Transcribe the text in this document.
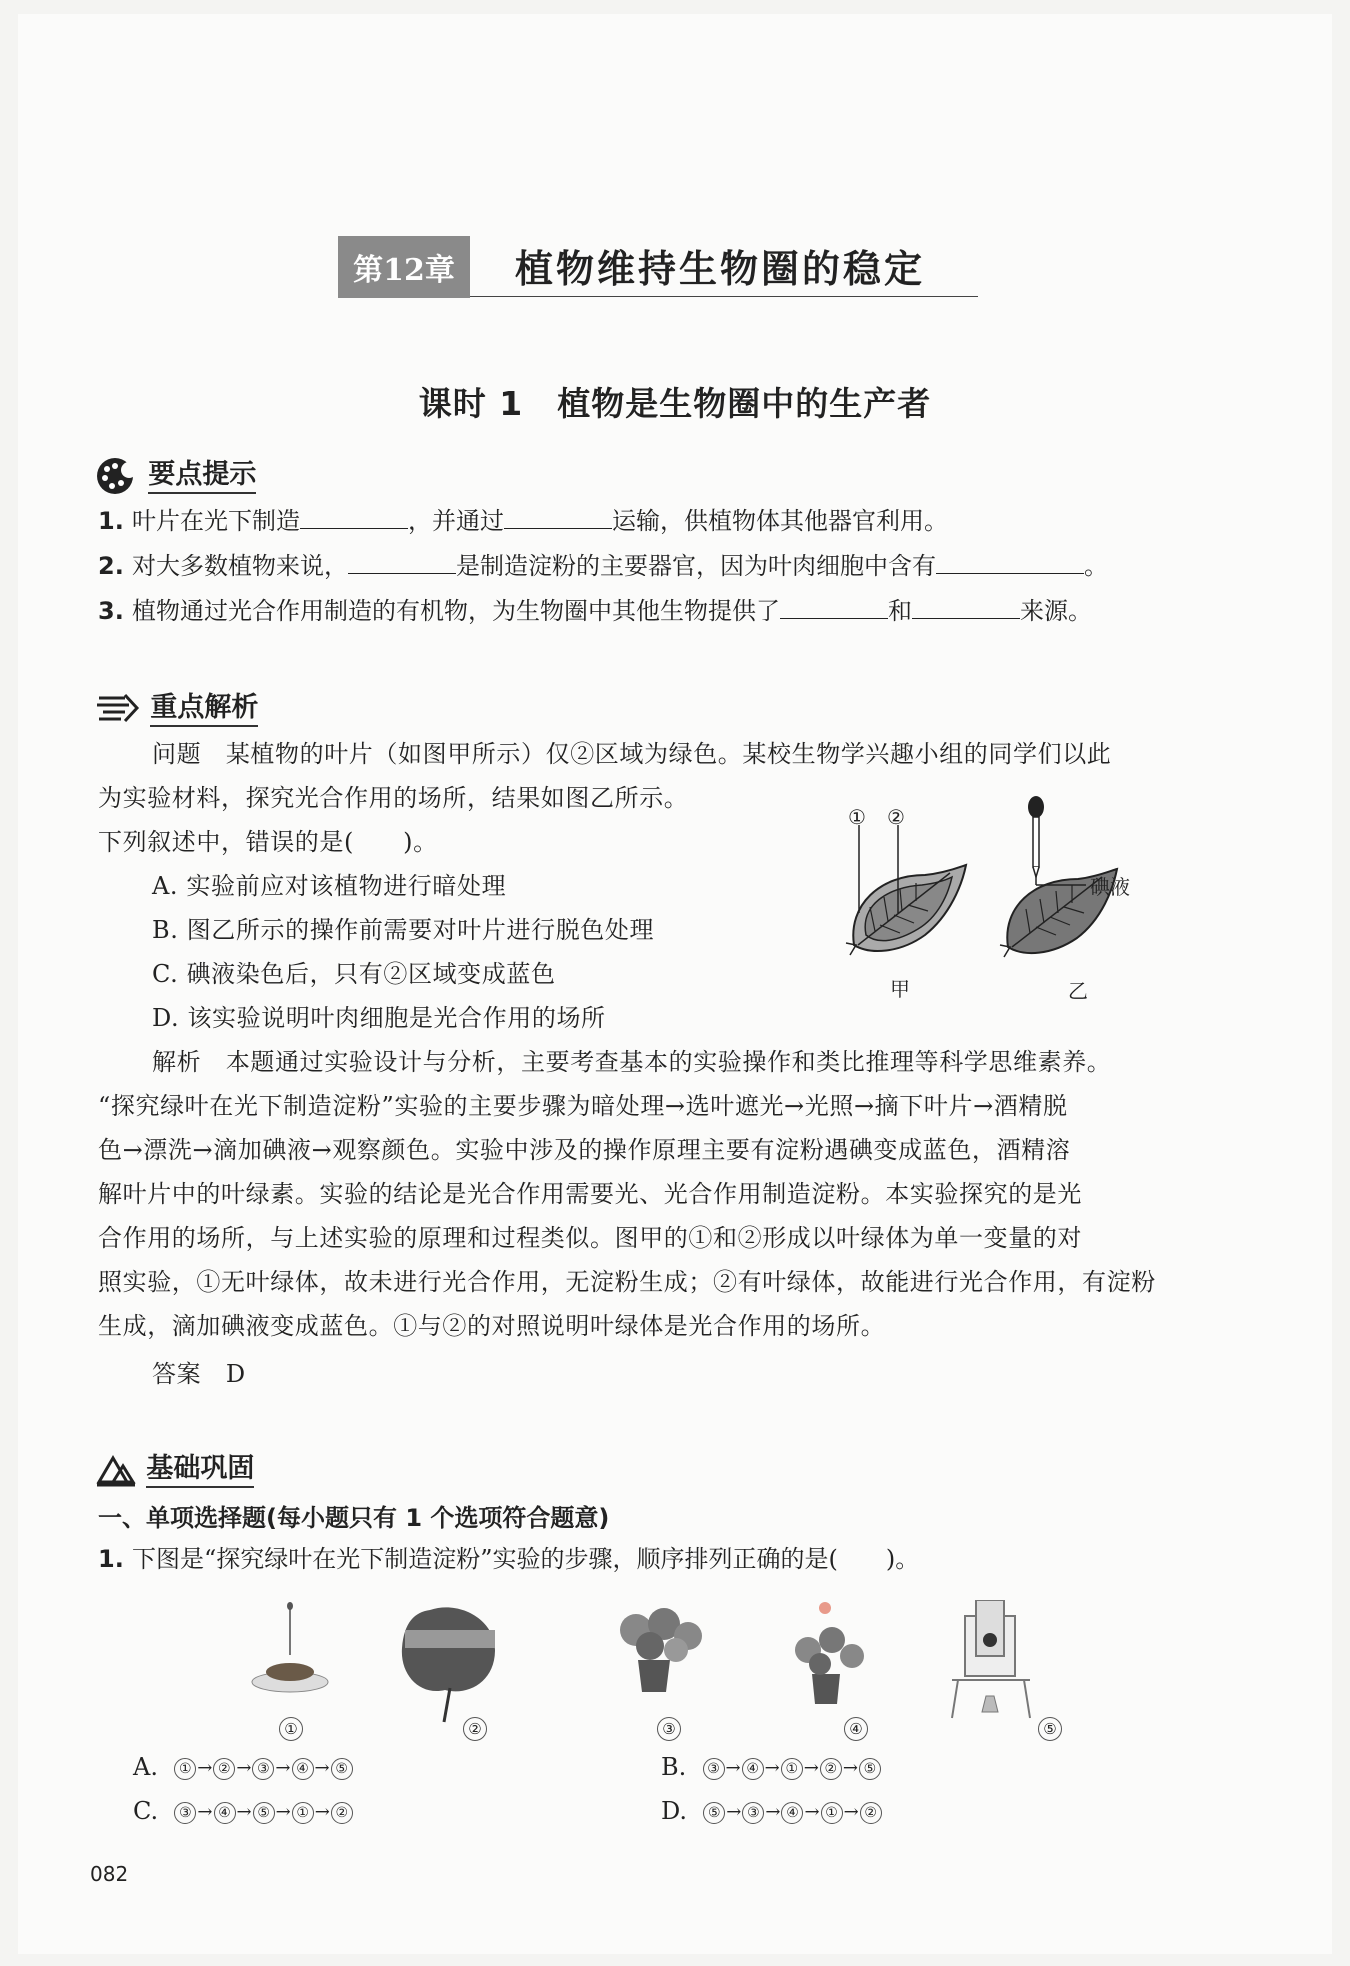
第12章	植物维持生物圈的稳定
课时 1　植物是生物圈中的生产者
要点提示
1. 叶片在光下制造	，并通过	运输，供植物体其他器官利用。
2. 对大多数植物来说，	是制造淀粉的主要器官，因为叶肉细胞中含有	。
3. 植物通过光合作用制造的有机物，为生物圈中其他生物提供了	和	来源。
重点解析
问题　 某植物的叶片（如图甲所示）仅②区域为绿色。某校生物学兴趣小组的同学们以此
为实验材料，探究光合作用的场所，结果如图乙所示。
下列叙述中，错误的是(　　)。
A. 实验前应对该植物进行暗处理
B. 图乙所示的操作前需要对叶片进行脱色处理
C. 碘液染色后，只有②区域变成蓝色
D. 该实验说明叶肉细胞是光合作用的场所
① ②
碘液
甲	乙
解析　 本题通过实验设计与分析，主要考查基本的实验操作和类比推理等科学思维素养。
“探究绿叶在光下制造淀粉”实验的主要步骤为暗处理→选叶遮光→光照→摘下叶片→酒精脱
色→漂洗→滴加碘液→观察颜色。实验中涉及的操作原理主要有淀粉遇碘变成蓝色，酒精溶
解叶片中的叶绿素。实验的结论是光合作用需要光、光合作用制造淀粉。本实验探究的是光
合作用的场所，与上述实验的原理和过程类似。图甲的①和②形成以叶绿体为单一变量的对
照实验，①无叶绿体，故未进行光合作用，无淀粉生成；②有叶绿体，故能进行光合作用，有淀粉
生成，滴加碘液变成蓝色。①与②的对照说明叶绿体是光合作用的场所。
答案　 D
基础巩固
一、单项选择题(每小题只有 1 个选项符合题意)
1. 下图是“探究绿叶在光下制造淀粉”实验的步骤，顺序排列正确的是(　　)。
①	②	③	④	⑤
A. ① → ② → ③ → ④ → ⑤	B. ③ → ④ → ① → ② → ⑤
C. ③ → ④ → ⑤ → ① → ②	D. ⑤ → ③ → ④ → ① → ②
082
